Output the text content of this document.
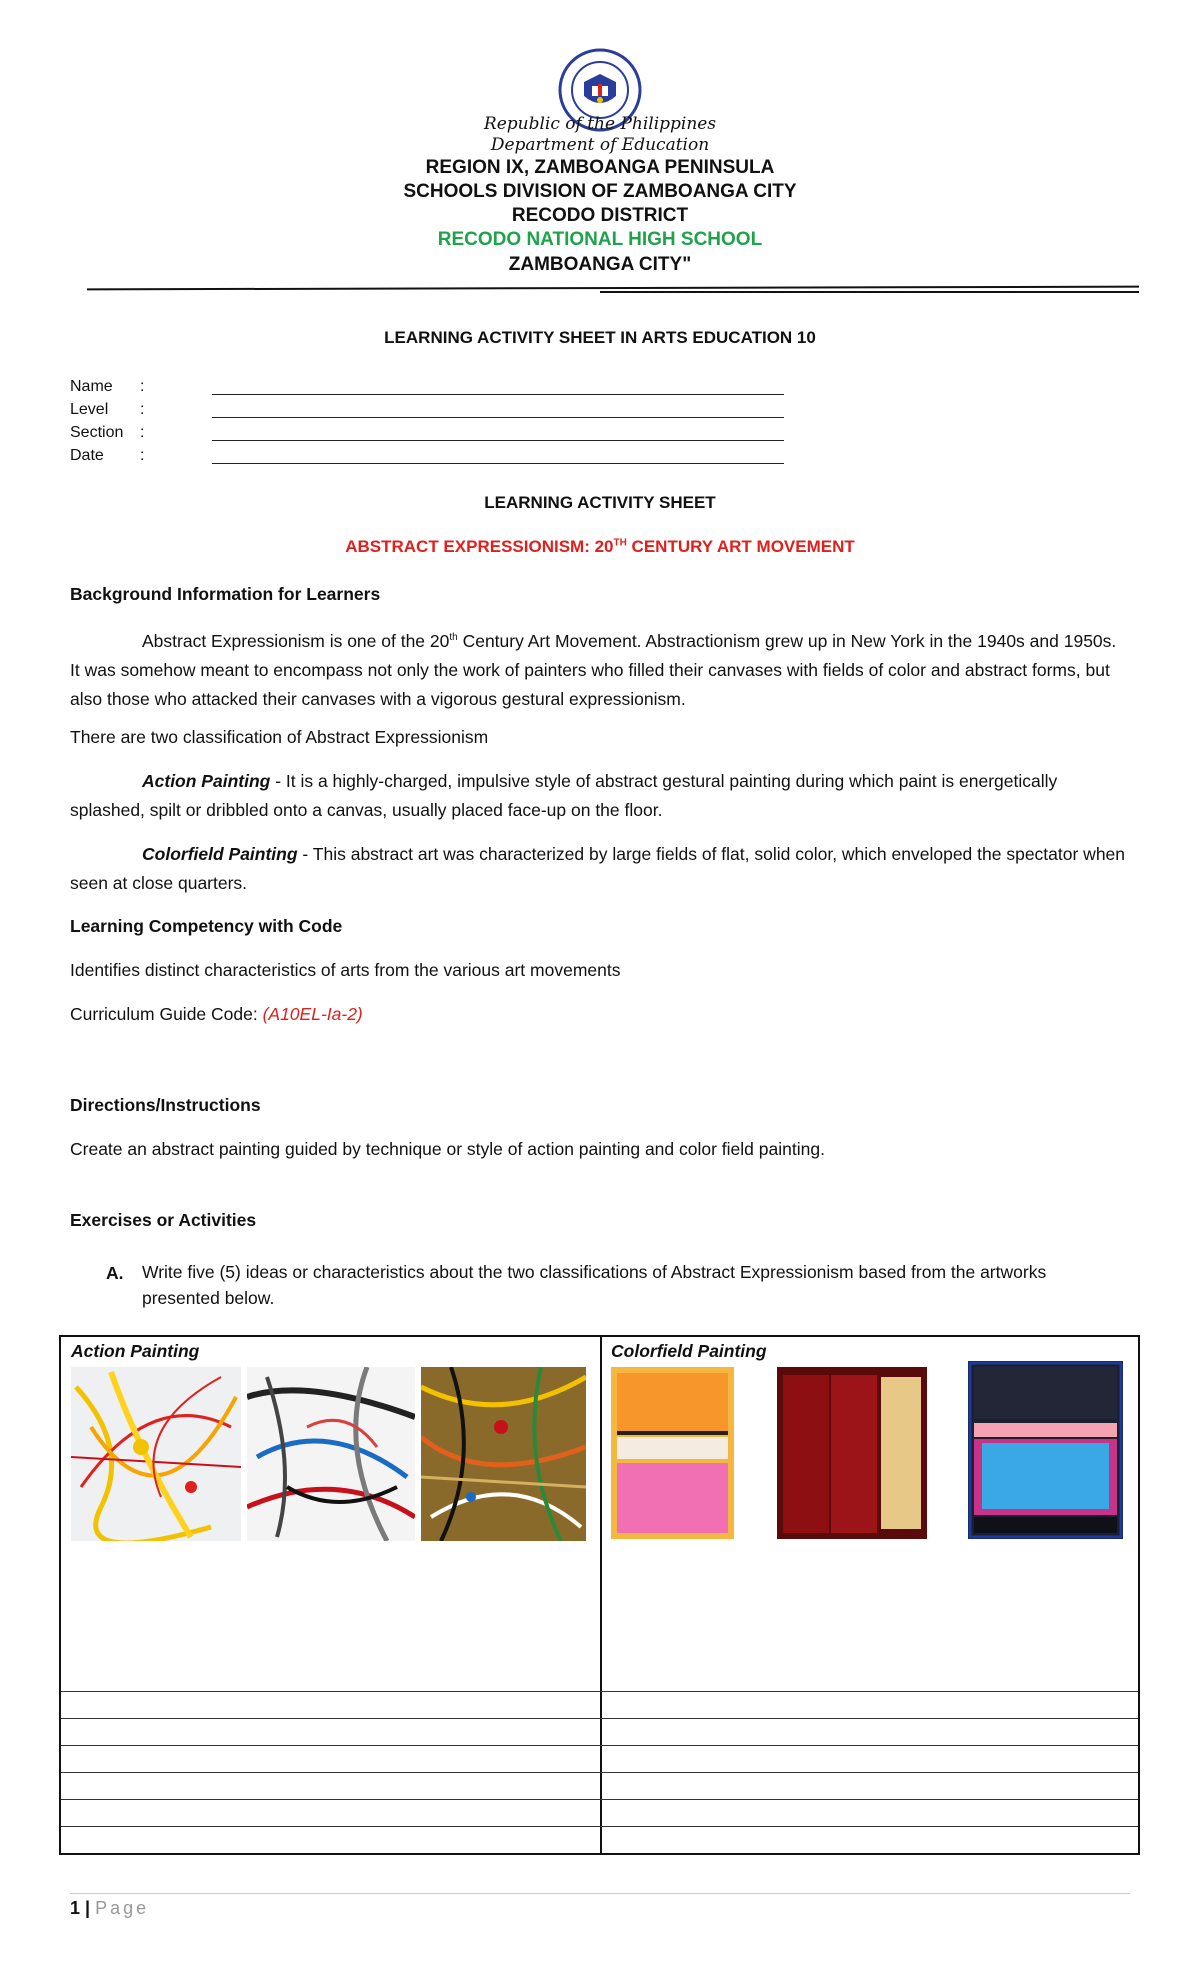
Republic of the Philippines
Department of Education
REGION IX, ZAMBOANGA PENINSULA
SCHOOLS DIVISION OF ZAMBOANGA CITY
RECODO DISTRICT
RECODO NATIONAL HIGH SCHOOL
ZAMBOANGA CITY"
LEARNING ACTIVITY SHEET IN ARTS EDUCATION 10
Name :
Level :
Section :
Date :
LEARNING ACTIVITY SHEET
ABSTRACT EXPRESSIONISM: 20TH CENTURY ART MOVEMENT
Background Information for Learners
Abstract Expressionism is one of the 20th Century Art Movement. Abstractionism grew up in New York in the 1940s and 1950s. It was somehow meant to encompass not only the work of painters who filled their canvases with fields of color and abstract forms, but also those who attacked their canvases with a vigorous gestural expressionism.
There are two classification of Abstract Expressionism
Action Painting - It is a highly-charged, impulsive style of abstract gestural painting during which paint is energetically splashed, spilt or dribbled onto a canvas, usually placed face-up on the floor.
Colorfield Painting - This abstract art was characterized by large fields of flat, solid color, which enveloped the spectator when seen at close quarters.
Learning Competency with Code
Identifies distinct characteristics of arts from the various art movements
Curriculum Guide Code: (A10EL-Ia-2)
Directions/Instructions
Create an abstract painting guided by technique or style of action painting and color field painting.
Exercises or Activities
A.	Write five (5) ideas or characteristics about the two classifications of Abstract Expressionism based from the artworks presented below.
Action Painting	Colorfield Painting
1 | Page
